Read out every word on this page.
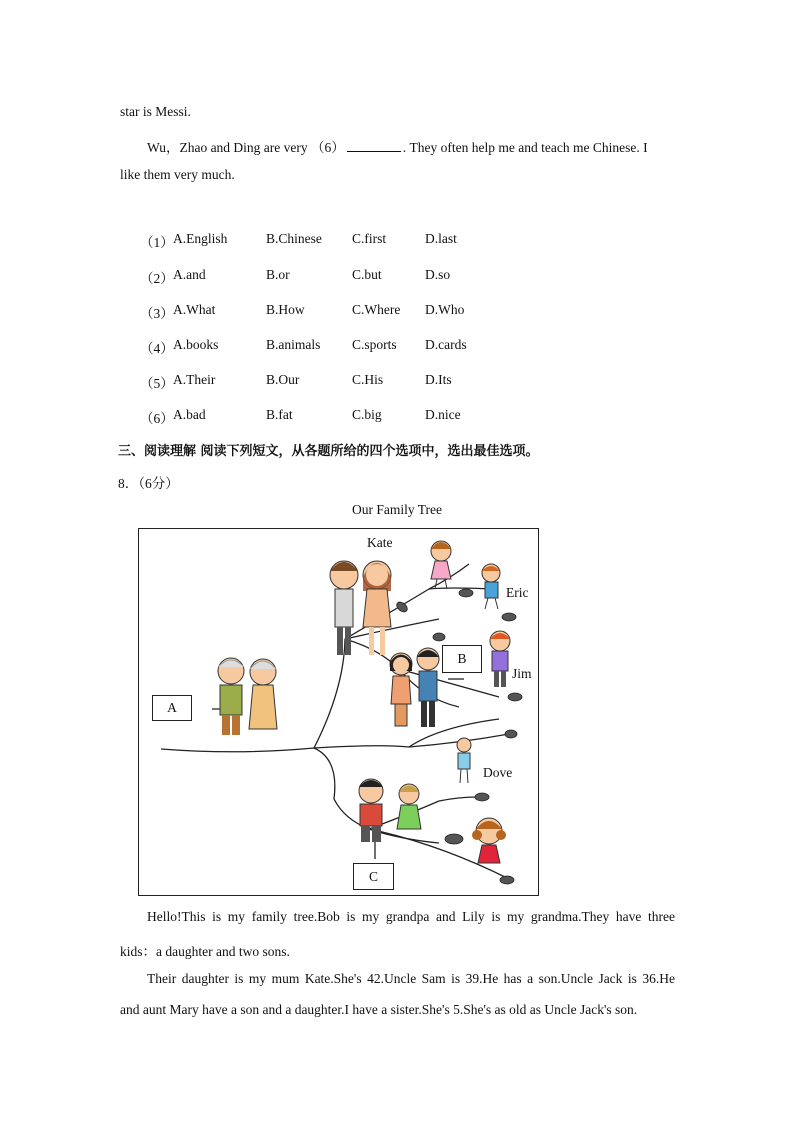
star is Messi.
Wu，Zhao and Ding are very （6）	. They often help me and teach me Chinese. I
like them very much.
（1） A.English	B.Chinese C.first	D.last
（2） A.and	B.or	C.but	D.so
（3） A.What	B.How	C.Where D.Who
（4） A.books	B.animals C.sports D.cards
（5） A.Their	B.Our	C.His	D.Its
（6） A.bad	B.fat	C.big	D.nice
三、阅读理解 阅读下列短文，从各题所给的四个选项中，选出最佳选项。
8．（6分）
Our Family Tree
Kate
Eric
Jim
Dove
A
B
C
Hello!This is my family tree.Bob is my grandpa and Lily is my grandma.They have three
kids：a daughter and two sons.
Their daughter is my mum Kate.She's 42.Uncle Sam is 39.He has a son.Uncle Jack is 36.He
and aunt Mary have a son and a daughter.I have a sister.She's 5.She's as old as Uncle Jack's son.
